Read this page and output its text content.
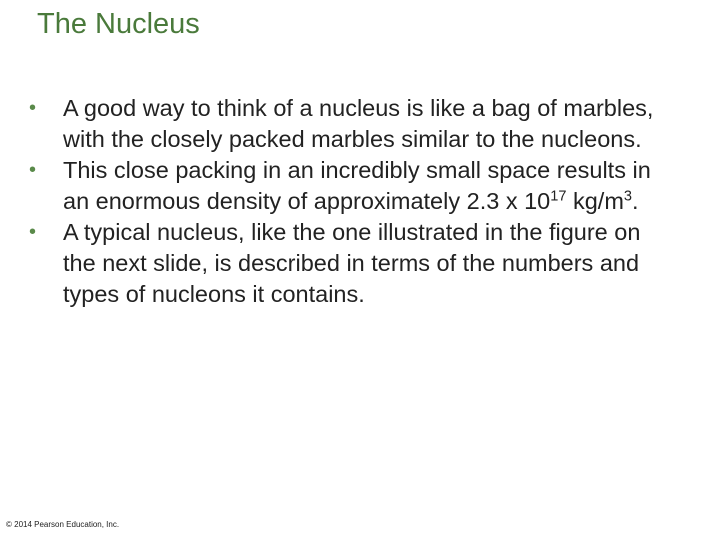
The Nucleus
•	A good way to think of a nucleus is like a bag of marbles, with the closely packed marbles similar to the nucleons.
•	This close packing in an incredibly small space results in an enormous density of approximately 2.3 x $10^{17}$ $kg/m^3$.
•	A typical nucleus, like the one illustrated in the figure on the next slide, is described in terms of the numbers and types of nucleons it contains.
© 2014 Pearson Education, Inc.
